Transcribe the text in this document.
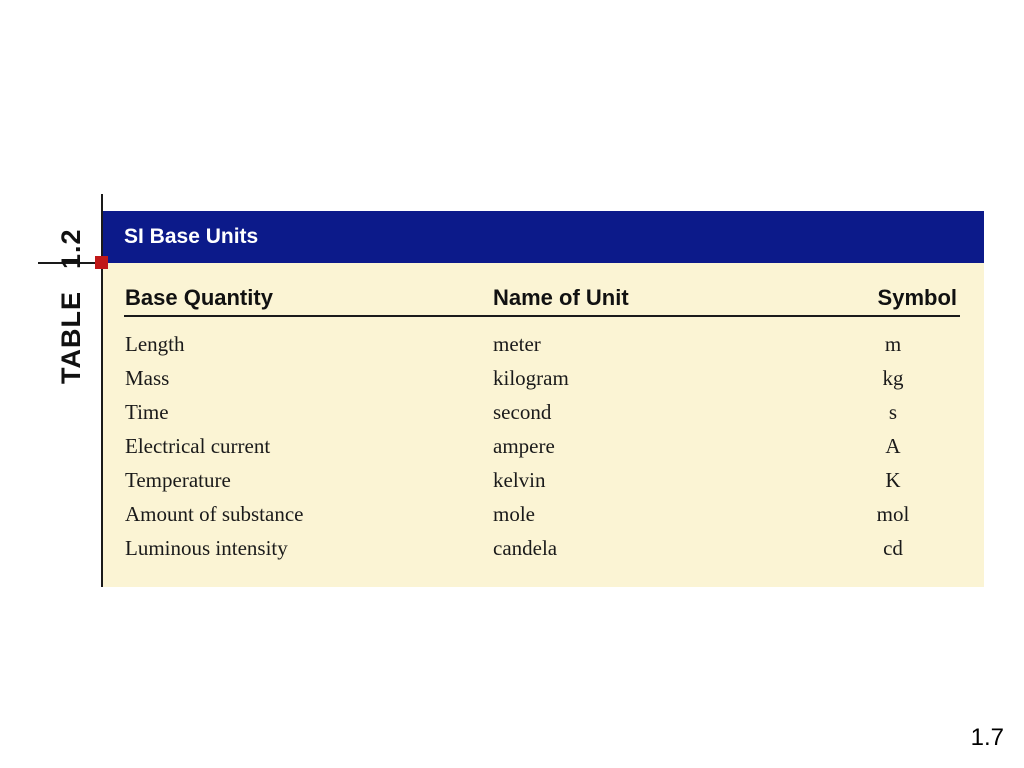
TABLE1.2 SI Base Units
Base Quantity	Name of Unit	Symbol
Length	meter	m
Mass	kilogram	kg
Time	second	s
Electrical current	ampere	A
Temperature	kelvin	K
Amount of substance	mole	mol
Luminous intensity	candela	cd
1.7
